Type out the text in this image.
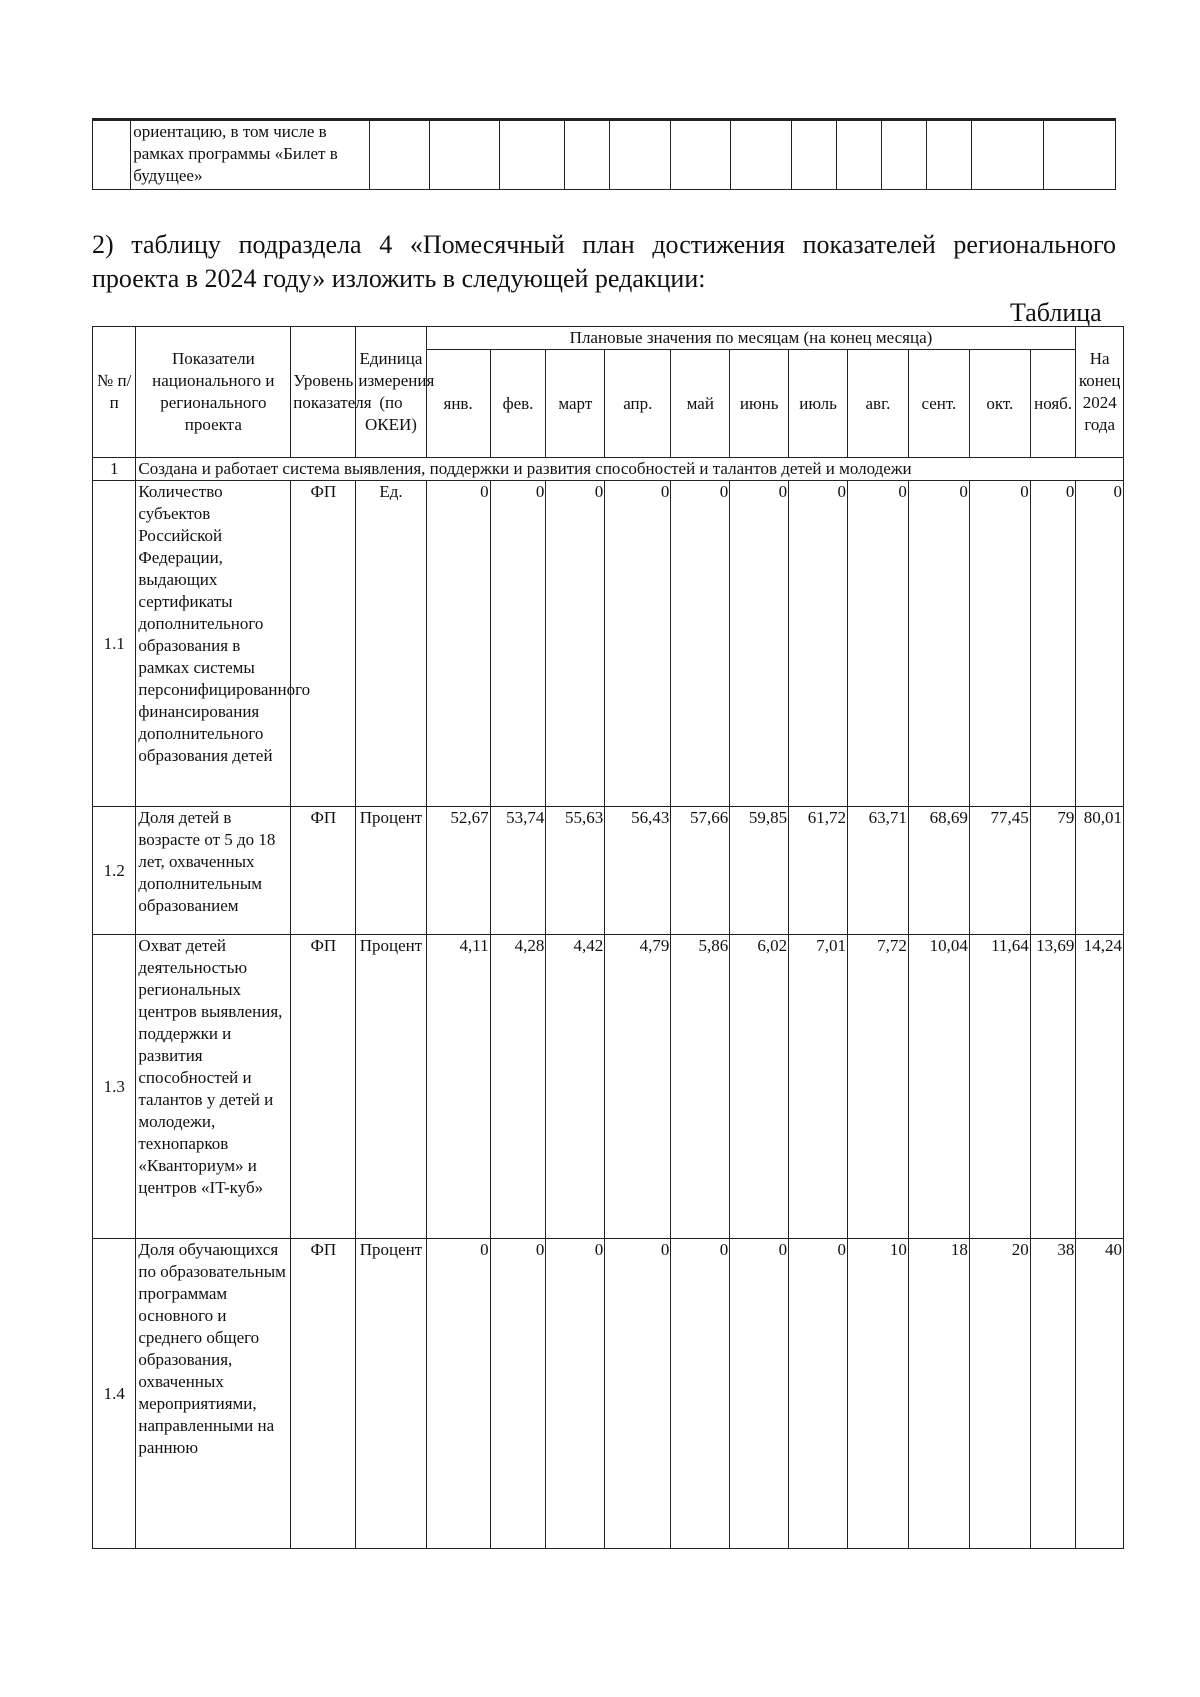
	ориентацию, в том числе в рамках программы «Билет в будущее»													
2) таблицу подраздела 4 «Помесячный план достижения показателей регионального проекта в 2024 году» изложить в следующей редакции:
Таблица
№ п/п	Показатели национального и регионального проекта	Уровень показателя	Единица измерения (по ОКЕИ)	Плановые значения по месяцам (на конец месяца)											На конец 2024 года
				янв.	фев.	март	апр.	май	июнь	июль	авг.	сент.	окт.	нояб.	
1	Создана и работает система выявления, поддержки и развития способностей и талантов детей и молодежи														
1.1	Количество субъектов Российской Федерации, выдающих сертификаты дополнительного образования в рамках системы персонифицированного финансирования дополнительного образования детей	ФП	Ед.	0	0	0	0	0	0	0	0	0	0	0	0
1.2	Доля детей в возрасте от 5 до 18 лет, охваченных дополнительным образованием	ФП	Процент	52,67	53,74	55,63	56,43	57,66	59,85	61,72	63,71	68,69	77,45	79	80,01
1.3	Охват детей деятельностью региональных центров выявления, поддержки и развития способностей и талантов у детей и молодежи, технопарков «Кванториум» и центров «IT-куб»	ФП	Процент	4,11	4,28	4,42	4,79	5,86	6,02	7,01	7,72	10,04	11,64	13,69	14,24
1.4	Доля обучающихся по образовательным программам основного и среднего общего образования, охваченных мероприятиями, направленными на раннюю	ФП	Процент	0	0	0	0	0	0	0	10	18	20	38	40
